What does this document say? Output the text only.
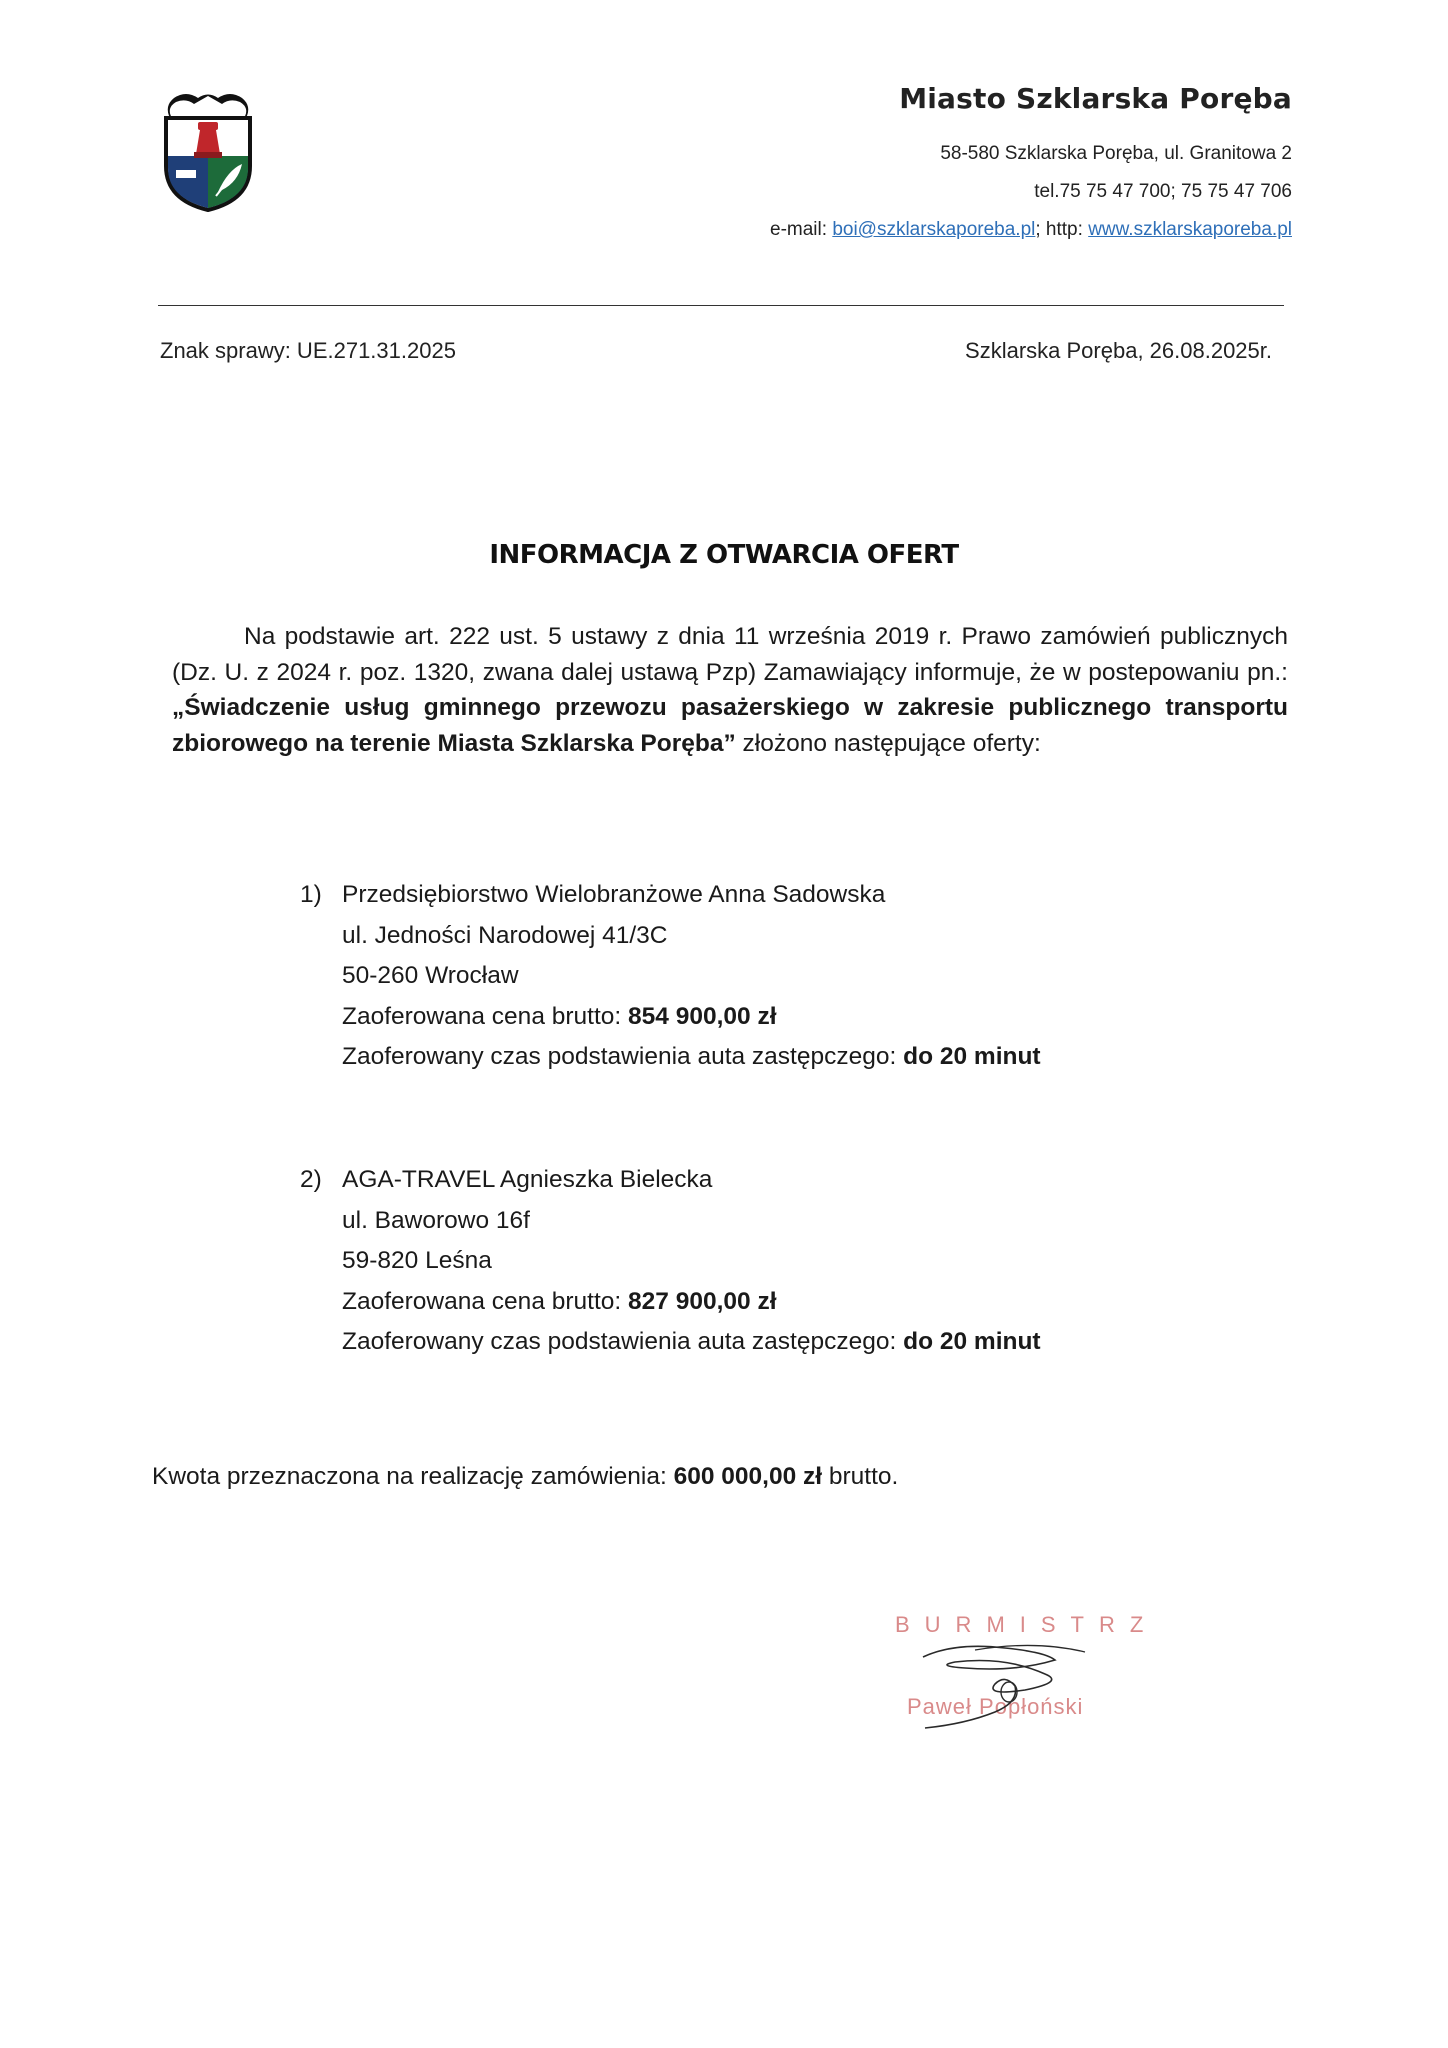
Miasto Szklarska Poręba
58-580 Szklarska Poręba, ul. Granitowa 2
tel.75 75 47 700; 75 75 47 706
e-mail: boi@szklarskaporeba.pl; http: www.szklarskaporeba.pl
Znak sprawy: UE.271.31.2025	Szklarska Poręba, 26.08.2025r.
INFORMACJA Z OTWARCIA OFERT
Na podstawie art. 222 ust. 5 ustawy z dnia 11 września 2019 r. Prawo zamówień publicznych (Dz. U. z 2024 r. poz. 1320, zwana dalej ustawą Pzp) Zamawiający informuje, że w postepowaniu pn.: „Świadczenie usług gminnego przewozu pasażerskiego w zakresie publicznego transportu zbiorowego na terenie Miasta Szklarska Poręba” złożono następujące oferty:
1) Przedsiębiorstwo Wielobranżowe Anna Sadowska
ul. Jedności Narodowej 41/3C
50-260 Wrocław
Zaoferowana cena brutto: 854 900,00 zł
Zaoferowany czas podstawienia auta zastępczego: do 20 minut
2) AGA-TRAVEL Agnieszka Bielecka
ul. Bawor​owo 16f
59-820 Leśna
Zaoferowana cena brutto: 827 900,00 zł
Zaoferowany czas podstawienia auta zastępczego: do 20 minut
Kwota przeznaczona na realizację zamówienia: 600 000,00 zł brutto.
BURMISTRZ
Paweł Popłoński
